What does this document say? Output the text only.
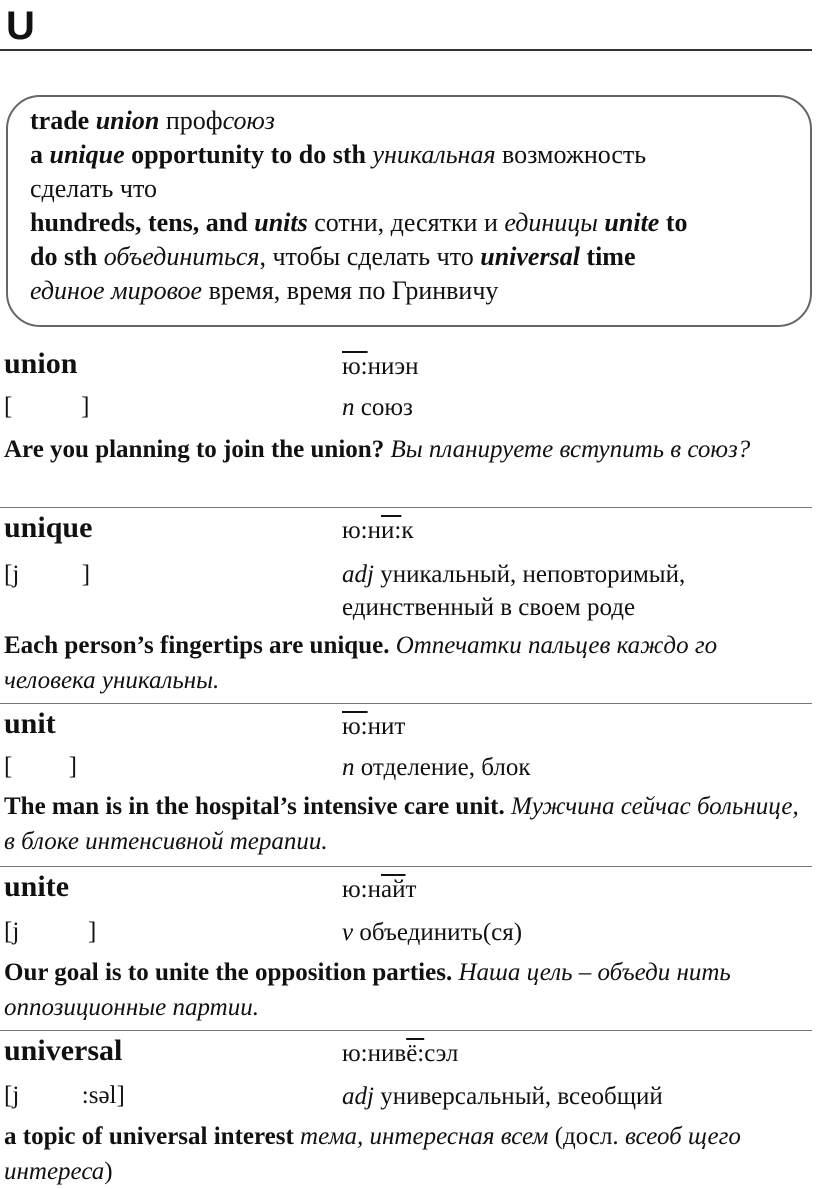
U
trade union профсоюз
a unique opportunity to do sth уникальная возможность
сделать что
hundreds, tens, and units сотни, десятки и единицы unite to
do sth объединиться, чтобы сделать что universal time
единое мировое время, время по Гринвичу
union	ю:ниэн
[           ]	n союз
Are you planning to join the union? Вы планируете вступить в союз?
unique	ю:ни:к
[j          ]	adj уникальный, неповторимый, единственный в своем роде
Each person’s fingertips are unique. Отпечатки пальцев каждо го человека уникальны.
unit	ю:нит
[         ]	n отделение, блок
The man is in the hospital’s intensive care unit. Мужчина сейчас больнице, в блоке интенсивной терапии.
unite	ю:найт
[j           ]	v объединить(ся)
Our goal is to unite the opposition parties. Наша цель – объеди нить оппозиционные партии.
universal	ю:нивё:сэл
[j          :səl]	adj универсальный, всеобщий
a topic of universal interest тема, интересная всем (досл. всеоб щего интереса)
